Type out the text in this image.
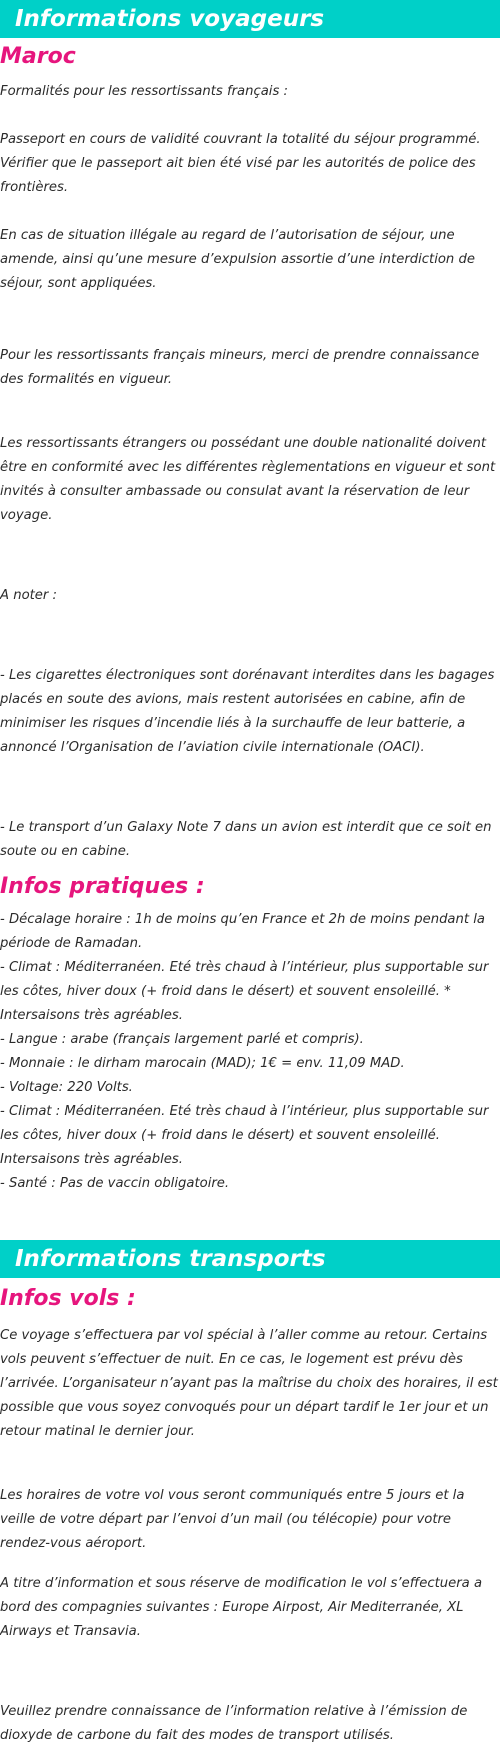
Informations voyageurs
Maroc

Formalités pour les ressortissants français :

Passeport en cours de validité couvrant la totalité du séjour programmé. Vérifier que le passeport ait bien été visé par les autorités de police des frontières.

En cas de situation illégale au regard de l’autorisation de séjour, une amende, ainsi qu’une mesure d’expulsion assortie d’une interdiction de séjour, sont appliquées.

Pour les ressortissants français mineurs, merci de prendre connaissance des formalités en vigueur.

Les ressortissants étrangers ou possédant une double nationalité doivent être en conformité avec les différentes règlementations en vigueur et sont invités à consulter ambassade ou consulat avant la réservation de leur voyage.

A noter :

- Les cigarettes électroniques sont dorénavant interdites dans les bagages placés en soute des avions, mais restent autorisées en cabine, afin de minimiser les risques d’incendie liés à la surchauffe de leur batterie, a annoncé l’Organisation de l’aviation civile internationale (OACI).

- Le transport d’un Galaxy Note 7 dans un avion est interdit que ce soit en soute ou en cabine.

Infos pratiques :

- Décalage horaire : 1h de moins qu’en France et 2h de moins pendant la période de Ramadan.

- Climat : Méditerranéen. Eté très chaud à l’intérieur, plus supportable sur les côtes, hiver doux (+ froid dans le désert) et souvent ensoleillé. * Intersaisons très agréables.

- Langue : arabe (français largement parlé et compris).

- Monnaie : le dirham marocain (MAD); 1€ = env. 11,09 MAD.

- Voltage: 220 Volts.

- Climat : Méditerranéen. Eté très chaud à l’intérieur, plus supportable sur les côtes, hiver doux (+ froid dans le désert) et souvent ensoleillé. Intersaisons très agréables.

- Santé : Pas de vaccin obligatoire.

Informations transports
Infos vols :

Ce voyage s’effectuera par vol spécial à l’aller comme au retour. Certains vols peuvent s’effectuer de nuit. En ce cas, le logement est prévu dès l’arrivée. L’organisateur n’ayant pas la maîtrise du choix des horaires, il est possible que vous soyez convoqués pour un départ tardif le 1er jour et un retour matinal le dernier jour.

Les horaires de votre vol vous seront communiqués entre 5 jours et la veille de votre départ par l’envoi d’un mail (ou télécopie) pour votre rendez-vous aéroport.

A titre d’information et sous réserve de modification le vol s’effectuera a bord des compagnies suivantes : Europe Airpost, Air Mediterranée, XL Airways et Transavia.

Veuillez prendre connaissance de l’information relative à l’émission de dioxyde de carbone du fait des modes de transport utilisés.
